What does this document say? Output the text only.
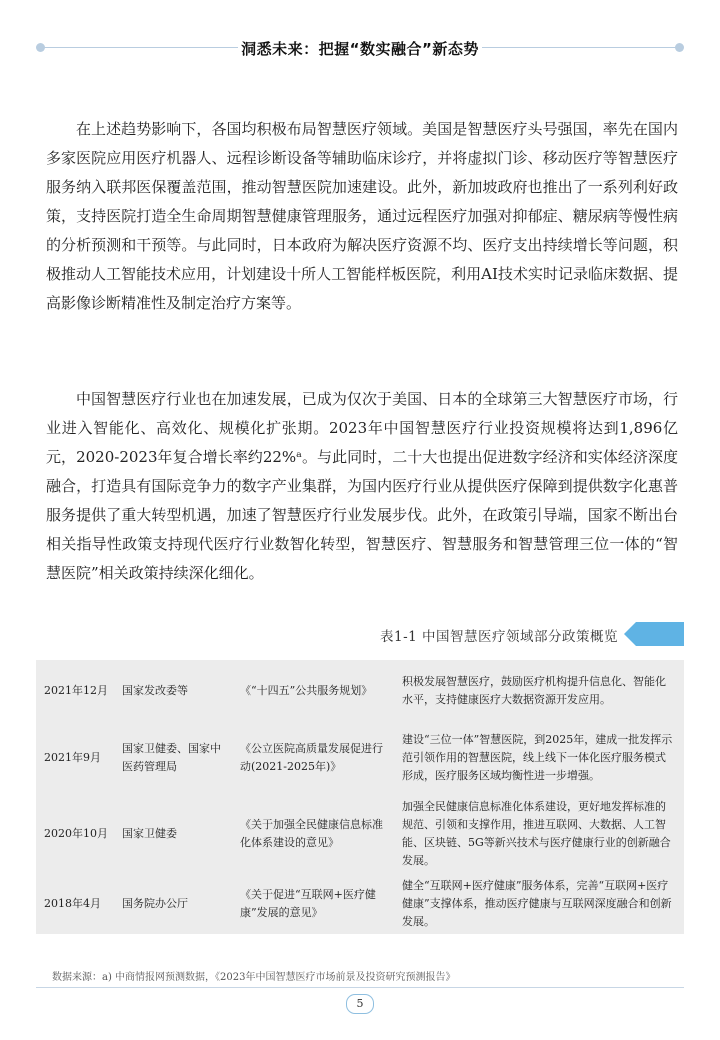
洞悉未来：把握“数实融合”新态势

在上述趋势影响下，各国均积极布局智慧医疗领域。美国是智慧医疗头号强国，率先在国内多家医院应用医疗机器人、远程诊断设备等辅助临床诊疗，并将虚拟门诊、移动医疗等智慧医疗服务纳入联邦医保覆盖范围，推动智慧医院加速建设。此外，新加坡政府也推出了一系列利好政策，支持医院打造全生命周期智慧健康管理服务，通过远程医疗加强对抑郁症、糖尿病等慢性病的分析预测和干预等。与此同时，日本政府为解决医疗资源不均、医疗支出持续增长等问题，积极推动人工智能技术应用，计划建设十所人工智能样板医院，利用AI技术实时记录临床数据、提高影像诊断精准性及制定治疗方案等。

中国智慧医疗行业也在加速发展，已成为仅次于美国、日本的全球第三大智慧医疗市场，行业进入智能化、高效化、规模化扩张期。2023年中国智慧医疗行业投资规模将达到1,896亿元，2020-2023年复合增长率约22%ᵃ。与此同时，二十大也提出促进数字经济和实体经济深度融合，打造具有国际竞争力的数字产业集群，为国内医疗行业从提供医疗保障到提供数字化惠普服务提供了重大转型机遇，加速了智慧医疗行业发展步伐。此外，在政策引导端，国家不断出台相关指导性政策支持现代医疗行业数智化转型，智慧医疗、智慧服务和智慧管理三位一体的“智慧医院”相关政策持续深化细化。

表1-1 中国智慧医疗领域部分政策概览
2021年12月	国家发改委等	《“十四五”公共服务规划》	积极发展智慧医疗，鼓励医疗机构提升信息化、智能化水平，支持健康医疗大数据资源开发应用。
2021年9月	国家卫健委、国家中医药管理局	《公立医院高质量发展促进行动(2021-2025年)》	建设“三位一体”智慧医院，到2025年，建成一批发挥示范引领作用的智慧医院，线上线下一体化医疗服务模式形成，医疗服务区域均衡性进一步增强。
2020年10月	国家卫健委	《关于加强全民健康信息标准化体系建设的意见》	加强全民健康信息标准化体系建设，更好地发挥标准的规范、引领和支撑作用，推进互联网、大数据、人工智能、区块链、5G等新兴技术与医疗健康行业的创新融合发展。
2018年4月	国务院办公厅	《关于促进“互联网+医疗健康”发展的意见》	健全“互联网+医疗健康”服务体系，完善“互联网+医疗健康”支撑体系，推动医疗健康与互联网深度融合和创新发展。
数据来源：a) 中商情报网预测数据，《2023年中国智慧医疗市场前景及投资研究预测报告》
5
